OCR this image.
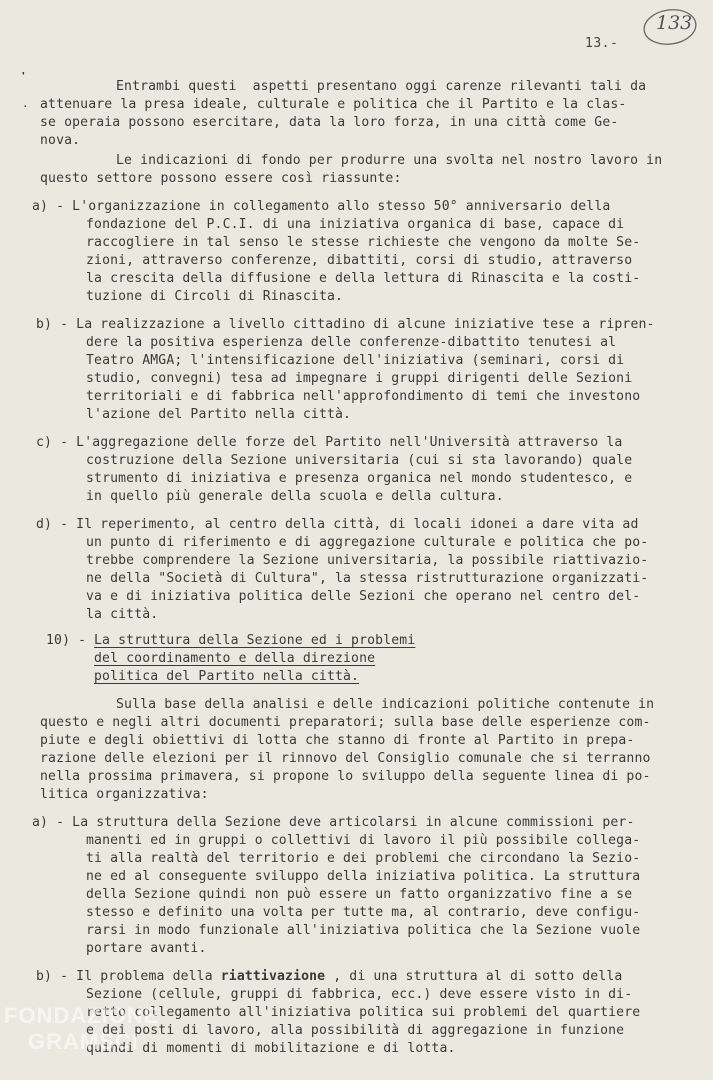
13.-
133
❜
·
Entrambi questi  aspetti presentano oggi carenze rilevanti tali da
attenuare la presa ideale, culturale e politica che il Partito e la clas-
se operaia possono esercitare, data la loro forza, in una città come Ge-
nova.
Le indicazioni di fondo per produrre una svolta nel nostro lavoro in
questo settore possono essere così riassunte:
a) - L'organizzazione in collegamento allo stesso 50° anniversario della
fondazione del P.C.I. di una iniziativa organica di base, capace di
raccogliere in tal senso le stesse richieste che vengono da molte Se-
zioni, attraverso conferenze, dibattiti, corsi di studio, attraverso
la crescita della diffusione e della lettura di Rinascita e la costi-
tuzione di Circoli di Rinascita.
b) - La realizzazione a livello cittadino di alcune iniziative tese a ripren-
dere la positiva esperienza delle conferenze-dibattito tenutesi al
Teatro AMGA; l'intensificazione dell'iniziativa (seminari, corsi di
studio, convegni) tesa ad impegnare i gruppi dirigenti delle Sezioni
territoriali e di fabbrica nell'approfondimento di temi che investono
l'azione del Partito nella città.
c) - L'aggregazione delle forze del Partito nell'Università attraverso la
costruzione della Sezione universitaria (cui si sta lavorando) quale
strumento di iniziativa e presenza organica nel mondo studentesco, e
in quello più generale della scuola e della cultura.
d) - Il reperimento, al centro della città, di locali idonei a dare vita ad
un punto di riferimento e di aggregazione culturale e politica che po-
trebbe comprendere la Sezione universitaria, la possibile riattivazio-
ne della "Società di Cultura", la stessa ristrutturazione organizzati-
va e di iniziativa politica delle Sezioni che operano nel centro del-
la città.
10) - La struttura della Sezione ed i problemi
del coordinamento e della direzione
politica del Partito nella città.
Sulla base della analisi e delle indicazioni politiche contenute in
questo e negli altri documenti preparatori; sulla base delle esperienze com-
piute e degli obiettivi di lotta che stanno di fronte al Partito in prepa-
razione delle elezioni per il rinnovo del Consiglio comunale che si terranno
nella prossima primavera, si propone lo sviluppo della seguente linea di po-
litica organizzativa:
a) - La struttura della Sezione deve articolarsi in alcune commissioni per-
manenti ed in gruppi o collettivi di lavoro il più possibile collega-
ti alla realtà del territorio e dei problemi che circondano la Sezio-
ne ed al conseguente sviluppo della iniziativa politica. La struttura
della Sezione quindi non può essere un fatto organizzativo fine a se
stesso e definito una volta per tutte ma, al contrario, deve configu-
rarsi in modo funzionale all'iniziativa politica che la Sezione vuole
portare avanti.
b) - Il problema della riattivazione , di una struttura al di sotto della
Sezione (cellule, gruppi di fabbrica, ecc.) deve essere visto in di-
retto collegamento all'iniziativa politica sui problemi del quartiere
e dei posti di lavoro, alla possibilità di aggregazione in funzione
quindi di momenti di mobilitazione e di lotta.
FONDAZIONE
GRAMSCI
